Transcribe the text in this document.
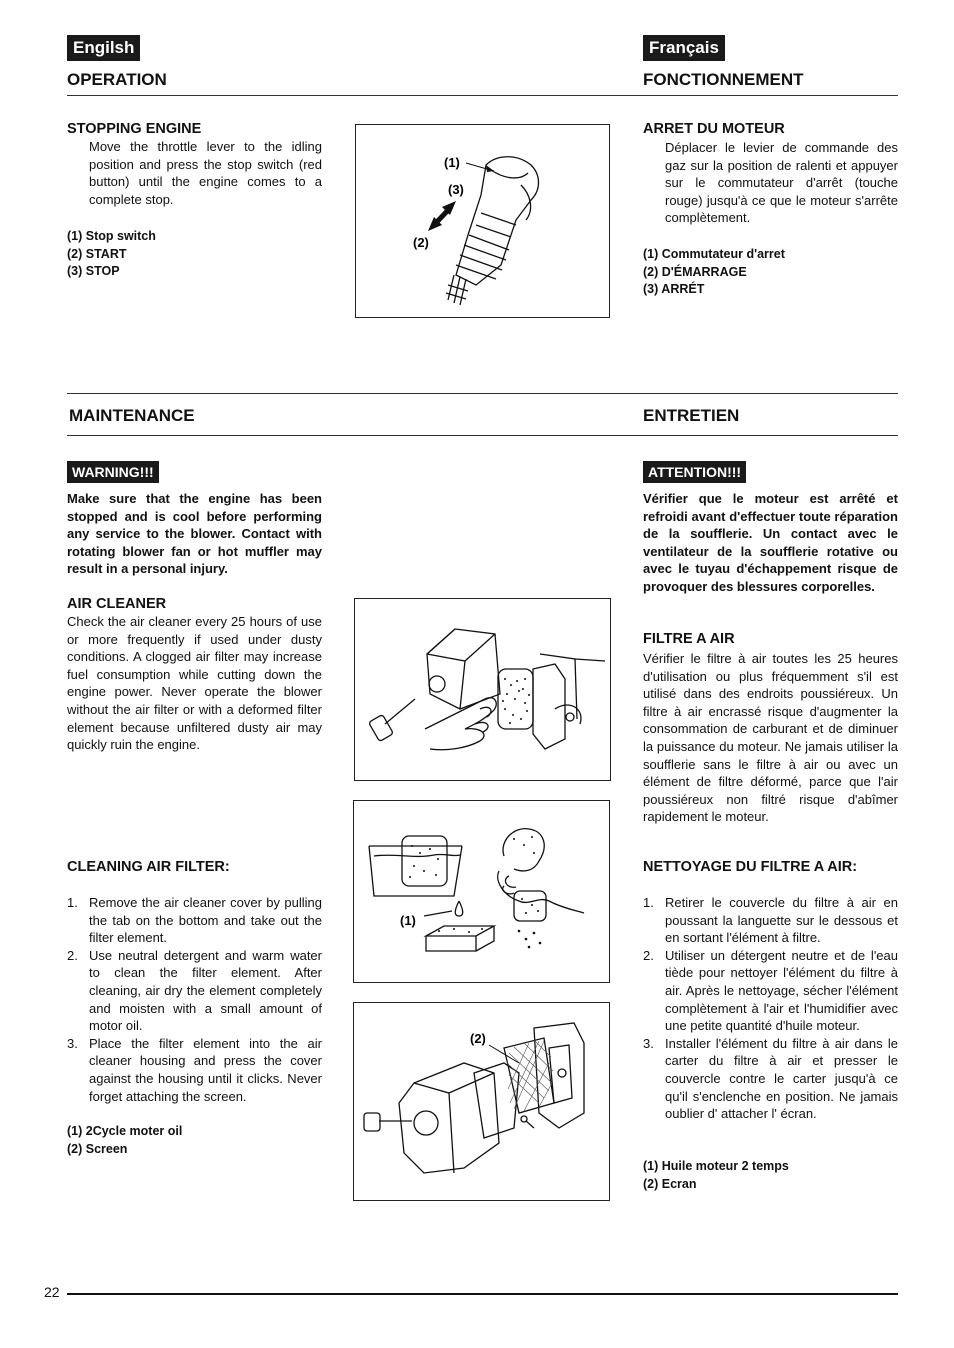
Engilsh	Français
OPERATION	FONCTIONNEMENT
STOPPING ENGINE
Move the throttle lever to the idling position and press the stop switch (red button) until the engine comes to a complete stop.
(1) Stop switch
(2) START
(3) STOP
(1)
(3)
(2)
ARRET DU MOTEUR
Déplacer le levier de commande des gaz sur la position de ralenti et appuyer sur le commutateur d'arrêt (touche rouge) jusqu'à ce que le moteur s'arrête complètement.
(1) Commutateur d'arret
(2) D'ÉMARRAGE
(3) ARRÉT
MAINTENANCE	ENTRETIEN
WARNING!!!
Make sure that the engine has been stopped and is cool before performing any service to the blower. Contact with rotating blower fan or hot muffler may result in a personal injury.
ATTENTION!!!
Vérifier que le moteur est arrêté et refroidi avant d'effectuer toute réparation de la soufflerie. Un contact avec le ventilateur de la soufflerie rotative ou avec le tuyau d'échappement risque de provoquer des blessures corporelles.
AIR CLEANER
Check the air cleaner every 25 hours of use or more frequently if used under dusty conditions. A clogged air filter may increase fuel consumption while cutting down the engine power. Never operate the blower without the air filter or with a deformed filter element because unfiltered dusty air may quickly ruin the engine.
FILTRE A AIR
Vérifier le filtre à air toutes les 25 heures d'utilisation ou plus fréquemment s'il est utilisé dans des endroits poussiéreux. Un filtre à air encrassé risque d'augmenter la consommation de carburant et de diminuer la puissance du moteur. Ne jamais utiliser la soufflerie sans le filtre à air ou avec un élément de filtre déformé, parce que l'air poussiéreux non filtré risque d'abîmer rapidement le moteur.
(1)
CLEANING AIR FILTER:
1. Remove the air cleaner cover by pulling the tab on the bottom and take out the filter element.
2. Use neutral detergent and warm water to clean the filter element. After cleaning, air dry the element completely and moisten with a small amount of motor oil.
3. Place the filter element into the air cleaner housing and press the cover against the housing until it clicks. Never forget attaching the screen.
(1) 2Cycle moter oil
(2) Screen
(2)
NETTOYAGE DU FILTRE A AIR:
1. Retirer le couvercle du filtre à air en poussant la languette sur le dessous et en sortant l'élément à filtre.
2. Utiliser un détergent neutre et de l'eau tiède pour nettoyer l'élément du filtre à air. Après le nettoyage, sécher l'élément complètement à l'air et l'humidifier avec une petite quantité d'huile moteur.
3. Installer l'élément du filtre à air dans le carter du filtre à air et presser le couvercle contre le carter jusqu'à ce qu'il s'enclenche en position. Ne jamais oublier d' attacher l' écran.
(1) Huile moteur 2 temps
(2) Ecran
22
